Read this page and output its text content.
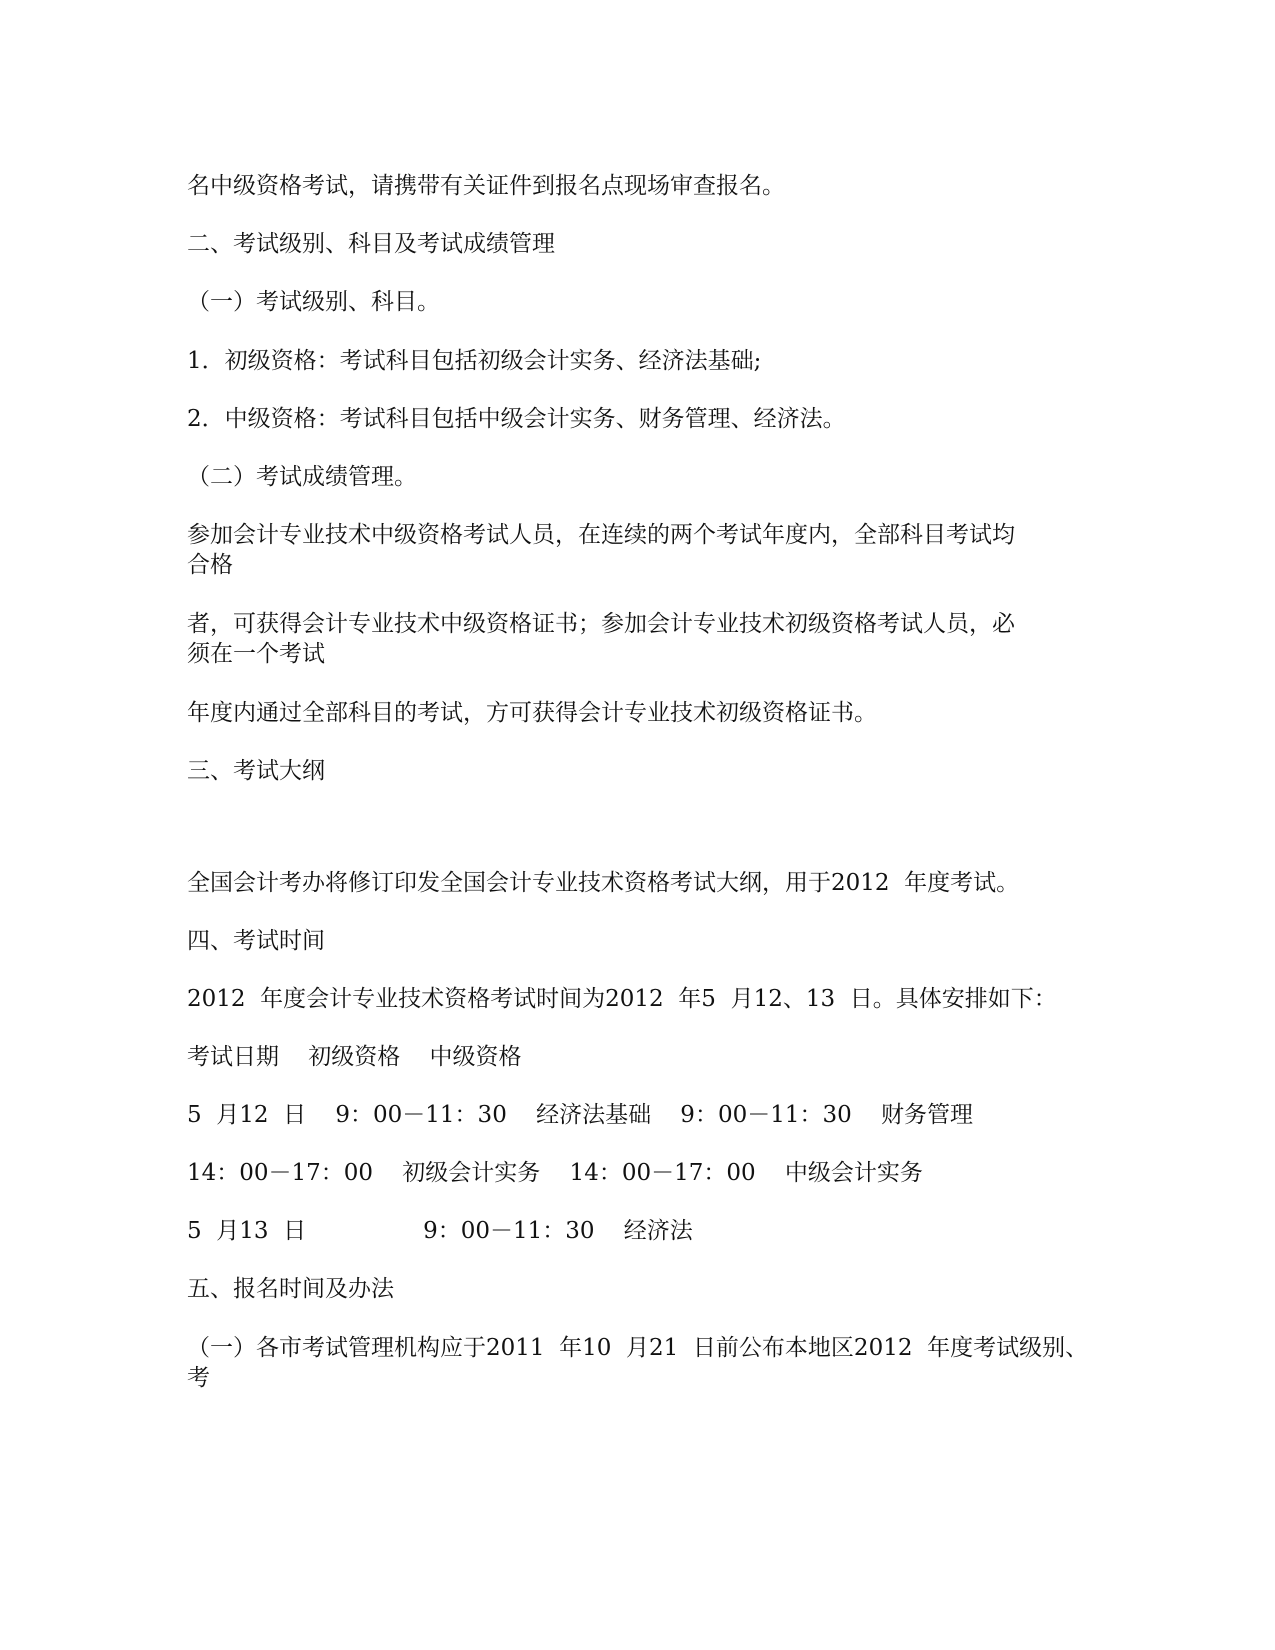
名中级资格考试，请携带有关证件到报名点现场审查报名。
二、考试级别、科目及考试成绩管理
（一）考试级别、科目。
1．初级资格：考试科目包括初级会计实务、经济法基础;
2．中级资格：考试科目包括中级会计实务、财务管理、经济法。
（二）考试成绩管理。
参加会计专业技术中级资格考试人员，在连续的两个考试年度内，全部科目考试均
合格
者，可获得会计专业技术中级资格证书；参加会计专业技术初级资格考试人员，必
须在一个考试
年度内通过全部科目的考试，方可获得会计专业技术初级资格证书。
三、考试大纲
全国会计考办将修订印发全国会计专业技术资格考试大纲，用于2012  年度考试。
四、考试时间
2012  年度会计专业技术资格考试时间为2012  年5  月12、13  日。具体安排如下：
考试日期    初级资格    中级资格
5  月12  日    9：00－11：30    经济法基础    9：00－11：30    财务管理
14：00－17：00    初级会计实务    14：00－17：00    中级会计实务
5  月13  日                9：00－11：30    经济法
五、报名时间及办法
（一）各市考试管理机构应于2011  年10  月21  日前公布本地区2012  年度考试级别、
考
